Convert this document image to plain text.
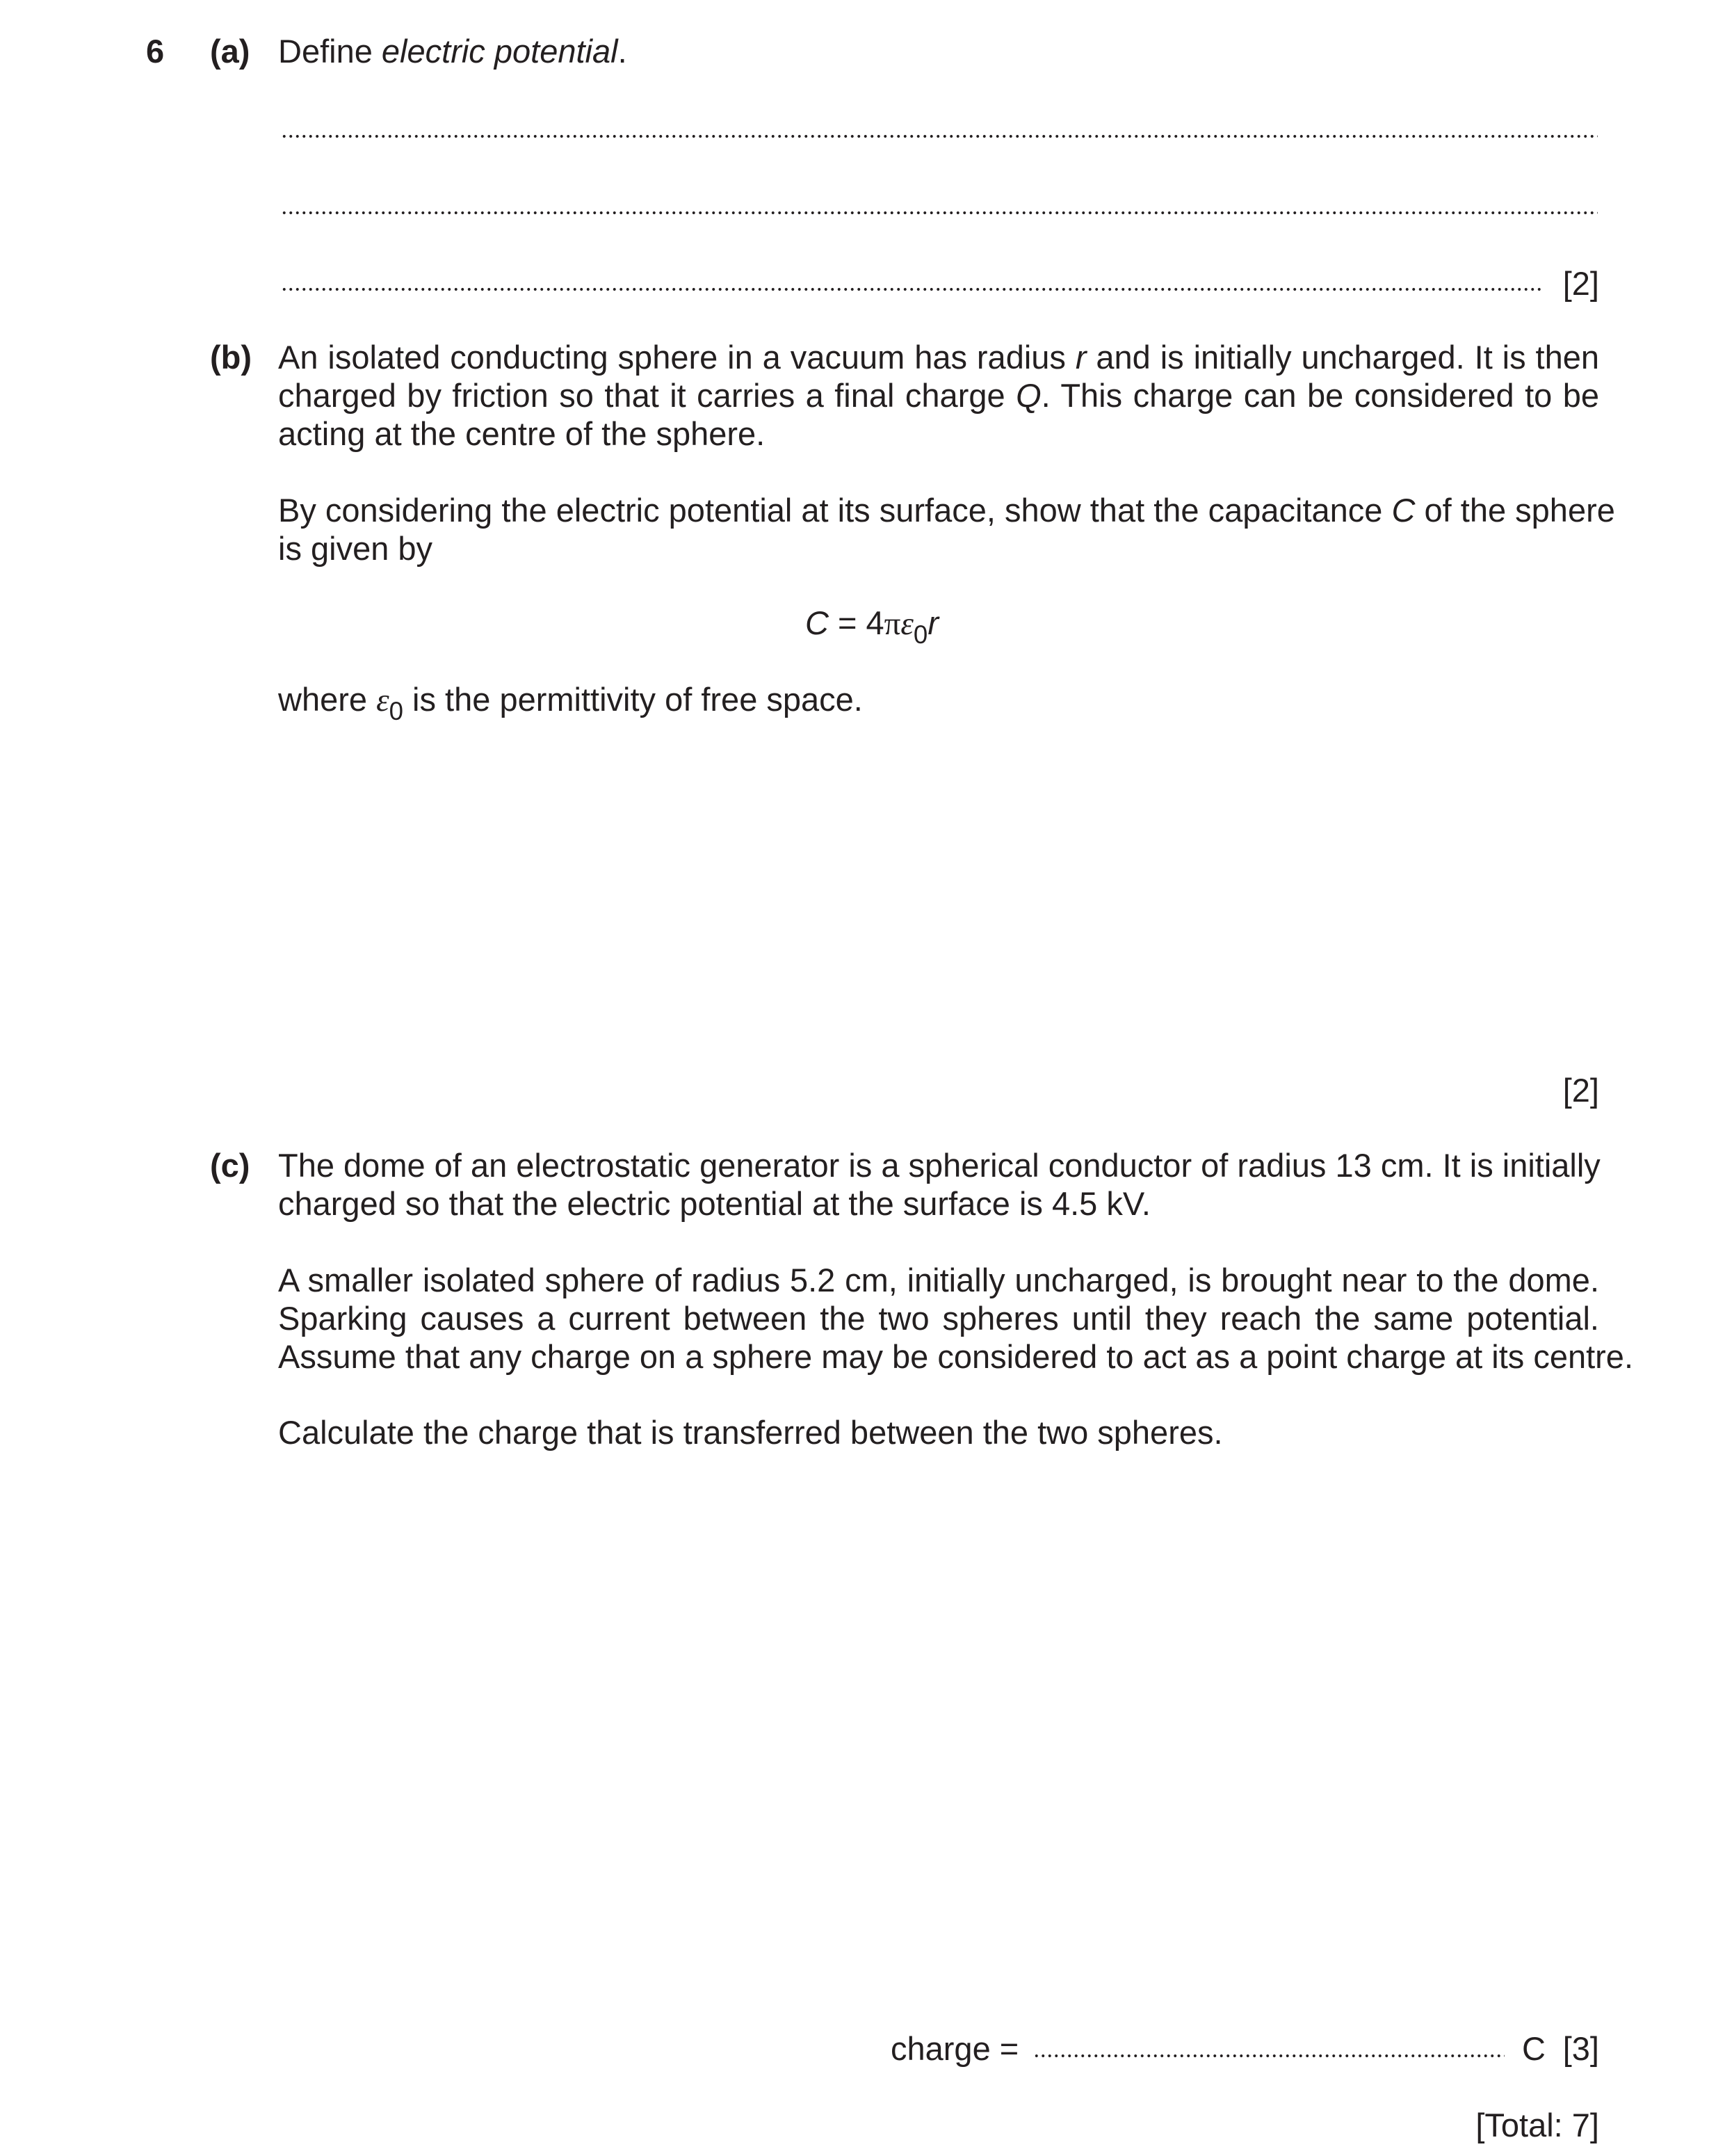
6 (a) Define electric potential.
[2]
(b) An isolated conducting sphere in a vacuum has radius r and is initially uncharged. It is then
charged by friction so that it carries a final charge Q. This charge can be considered to be
acting at the centre of the sphere.
By considering the electric potential at its surface, show that the capacitance C of the sphere
is given by
$C = 4\pi\varepsilon_0r$
where $\varepsilon_0$ is the permittivity of free space.
[2]
(c) The dome of an electrostatic generator is a spherical conductor of radius 13 cm. It is initially
charged so that the electric potential at the surface is 4.5 kV.
A smaller isolated sphere of radius 5.2 cm, initially uncharged, is brought near to the dome.
Sparking causes a current between the two spheres until they reach the same potential.
Assume that any charge on a sphere may be considered to act as a point charge at its centre.
Calculate the charge that is transferred between the two spheres.
charge =	C [3]
[Total: 7]
